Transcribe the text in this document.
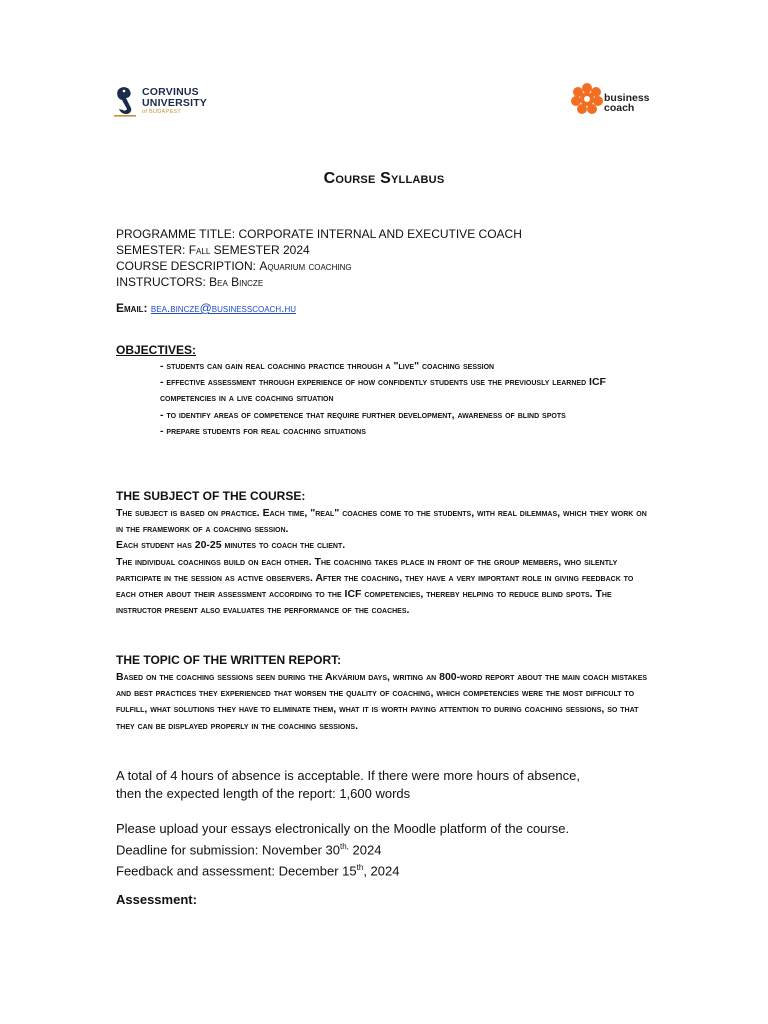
CORVINUS
UNIVERSITY
of BUDAPEST
business
coach
Course Syllabus
PROGRAMME TITLE: CORPORATE INTERNAL AND EXECUTIVE COACH
SEMESTER: Fall SEMESTER 2024
COURSE DESCRIPTION: Aquarium coaching
INSTRUCTORS: Bea Bincze
Email: bea.bincze@businesscoach.hu
OBJECTIVES:
- students can gain real coaching practice through a "live" coaching session
- effective assessment through experience of how confidently students use the previously learned ICF competencies in a live coaching situation
- to identify areas of competence that require further development, awareness of blind spots
- prepare students for real coaching situations
THE SUBJECT OF THE COURSE:
The subject is based on practice. Each time, "real" coaches come to the students, with real dilemmas, which they work on in the framework of a coaching session.
Each student has 20-25 minutes to coach the client.
The individual coachings build on each other. The coaching takes place in front of the group members, who silently participate in the session as active observers. After the coaching, they have a very important role in giving feedback to each other about their assessment according to the ICF competencies, thereby helping to reduce blind spots. The instructor present also evaluates the performance of the coaches.
THE TOPIC OF THE WRITTEN REPORT:
Based on the coaching sessions seen during the Akvárium days, writing an 800-word report about the main coach mistakes and best practices they experienced that worsen the quality of coaching, which competencies were the most difficult to fulfill, what solutions they have to eliminate them, what it is worth paying attention to during coaching sessions, so that they can be displayed properly in the coaching sessions.
A total of 4 hours of absence is acceptable. If there were more hours of absence,
then the expected length of the report: 1,600 words
Please upload your essays electronically on the Moodle platform of the course.
Deadline for submission: November $30^{th,}$ 2024
Feedback and assessment: December 15th, 2024
Assessment:
